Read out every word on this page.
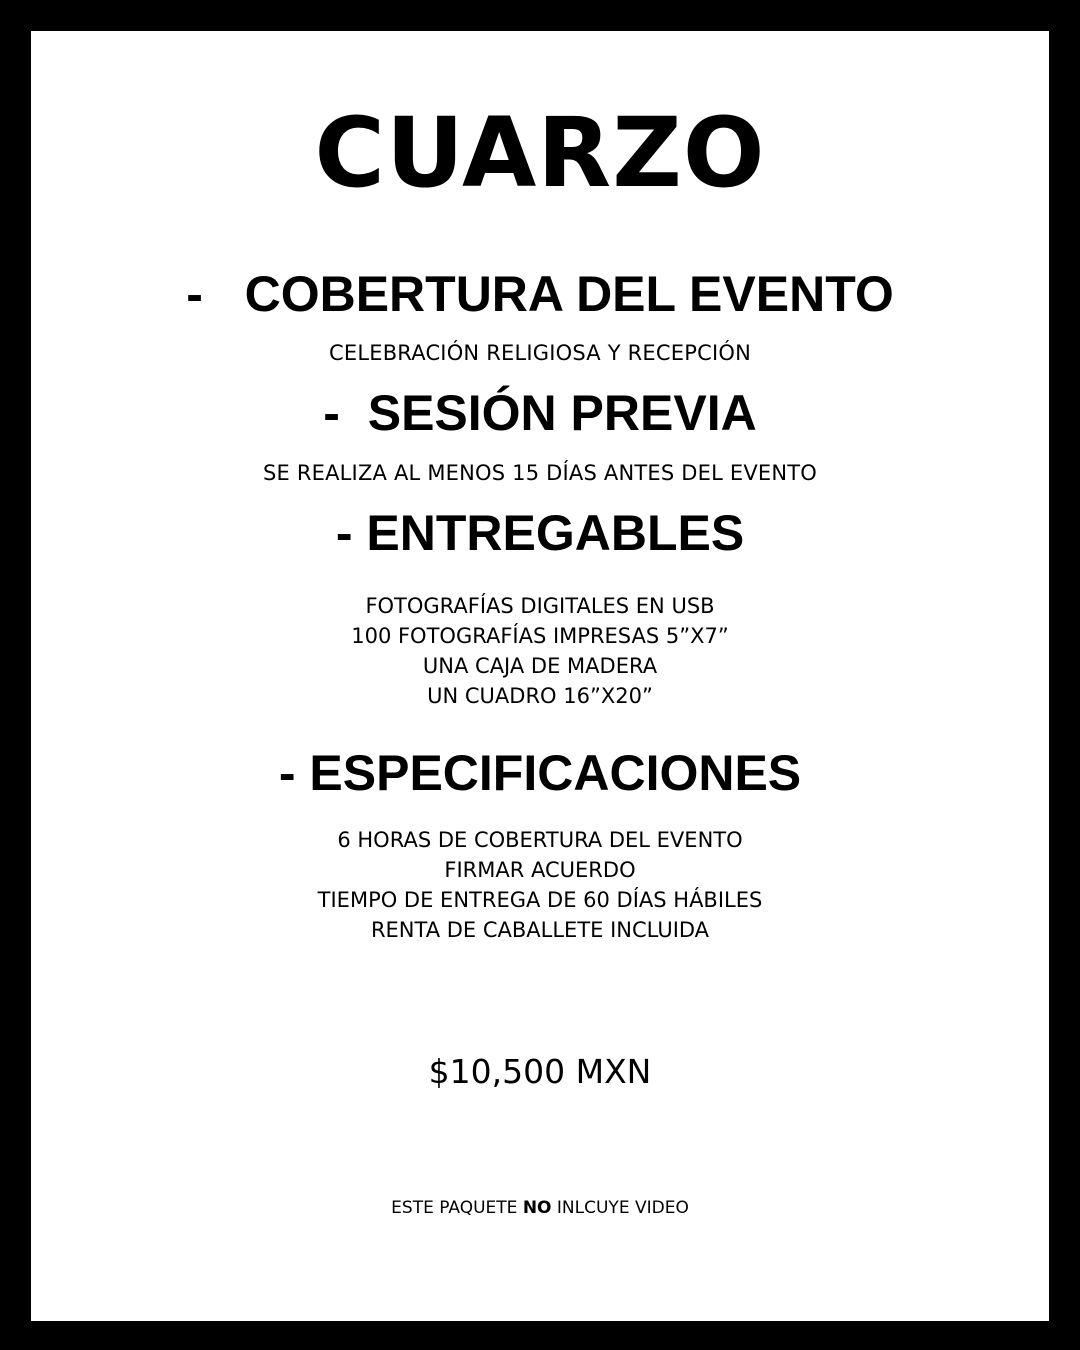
CUARZO
- COBERTURA DEL EVENTO
CELEBRACIÓN RELIGIOSA Y RECEPCIÓN
- SESIÓN PREVIA
SE REALIZA AL MENOS 15 DÍAS ANTES DEL EVENTO
- ENTREGABLES
FOTOGRAFÍAS DIGITALES EN USB
100 FOTOGRAFÍAS IMPRESAS 5”X7”
UNA CAJA DE MADERA
UN CUADRO 16”X20”
- ESPECIFICACIONES
6 HORAS DE COBERTURA DEL EVENTO
FIRMAR ACUERDO
TIEMPO DE ENTREGA DE 60 DÍAS HÁBILES
RENTA DE CABALLETE INCLUIDA
$10,500 MXN
ESTE PAQUETE NO INLCUYE VIDEO
